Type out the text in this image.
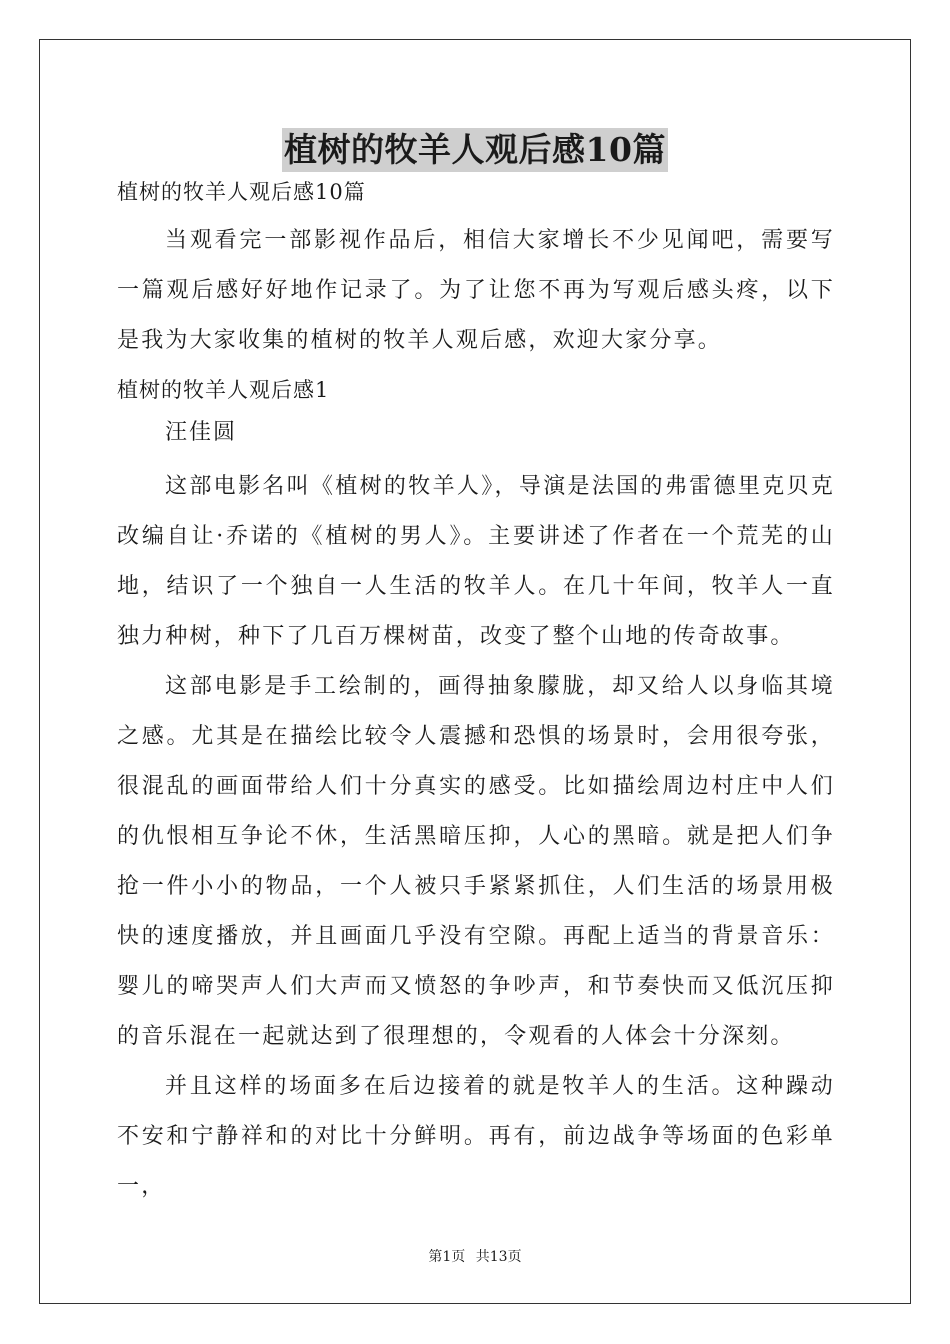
植树的牧羊人观后感10篇

植树的牧羊人观后感10篇

当观看完一部影视作品后，相信大家增长不少见闻吧，需要写一篇观后感好好地作记录了。为了让您不再为写观后感头疼，以下是我为大家收集的植树的牧羊人观后感，欢迎大家分享。

植树的牧羊人观后感1

汪佳圆

这部电影名叫《植树的牧羊人》，导演是法国的弗雷德里克贝克改编自让·乔诺的《植树的男人》。主要讲述了作者在一个荒芜的山地，结识了一个独自一人生活的牧羊人。在几十年间，牧羊人一直独力种树，种下了几百万棵树苗，改变了整个山地的传奇故事。

这部电影是手工绘制的，画得抽象朦胧，却又给人以身临其境之感。尤其是在描绘比较令人震撼和恐惧的场景时，会用很夸张，很混乱的画面带给人们十分真实的感受。比如描绘周边村庄中人们的仇恨相互争论不休，生活黑暗压抑，人心的黑暗。就是把人们争抢一件小小的物品，一个人被只手紧紧抓住，人们生活的场景用极快的速度播放，并且画面几乎没有空隙。再配上适当的背景音乐：婴儿的啼哭声人们大声而又愤怒的争吵声，和节奏快而又低沉压抑的音乐混在一起就达到了很理想的，令观看的人体会十分深刻。

并且这样的场面多在后边接着的就是牧羊人的生活。这种躁动不安和宁静祥和的对比十分鲜明。再有，前边战争等场面的色彩单一，

第1页 共13页
